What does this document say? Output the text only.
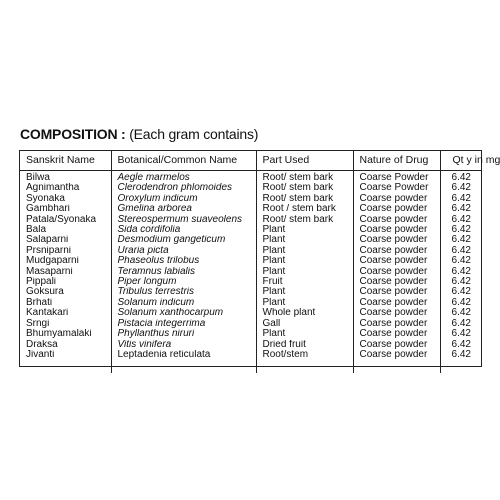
COMPOSITION : (Each gram contains)
Sanskrit Name	Botanical/Common Name	Part Used	Nature of Drug	Qt y in mg
Bilwa	Aegle marmelos	Root/ stem bark	Coarse Powder	6.42
Agnimantha	Clerodendron phlomoides	Root/ stem bark	Coarse Powder	6.42
Syonaka	Oroxylum indicum	Root/ stem bark	Coarse powder	6.42
Gambhari	Gmelina arborea	Root / stem bark	Coarse powder	6.42
Patala/Syonaka	Stereospermum suaveolens	Root/ stem bark	Coarse powder	6.42
Bala	Sida cordifolia	Plant	Coarse powder	6.42
Salaparni	Desmodium gangeticum	Plant	Coarse powder	6.42
Prsniparni	Uraria picta	Plant	Coarse powder	6.42
Mudgaparni	Phaseolus trilobus	Plant	Coarse powder	6.42
Masaparni	Teramnus labialis	Plant	Coarse powder	6.42
Pippali	Piper longum	Fruit	Coarse powder	6.42
Goksura	Tribulus terrestris	Plant	Coarse powder	6.42
Brhati	Solanum indicum	Plant	Coarse powder	6.42
Kantakari	Solanum xanthocarpum	Whole plant	Coarse powder	6.42
Srngi	Pistacia integerrima	Gall	Coarse powder	6.42
Bhumyamalaki	Phyllanthus niruri	Plant	Coarse powder	6.42
Draksa	Vitis vinifera	Dried fruit	Coarse powder	6.42
Jivanti	Leptadenia reticulata	Root/stem	Coarse powder	6.42
